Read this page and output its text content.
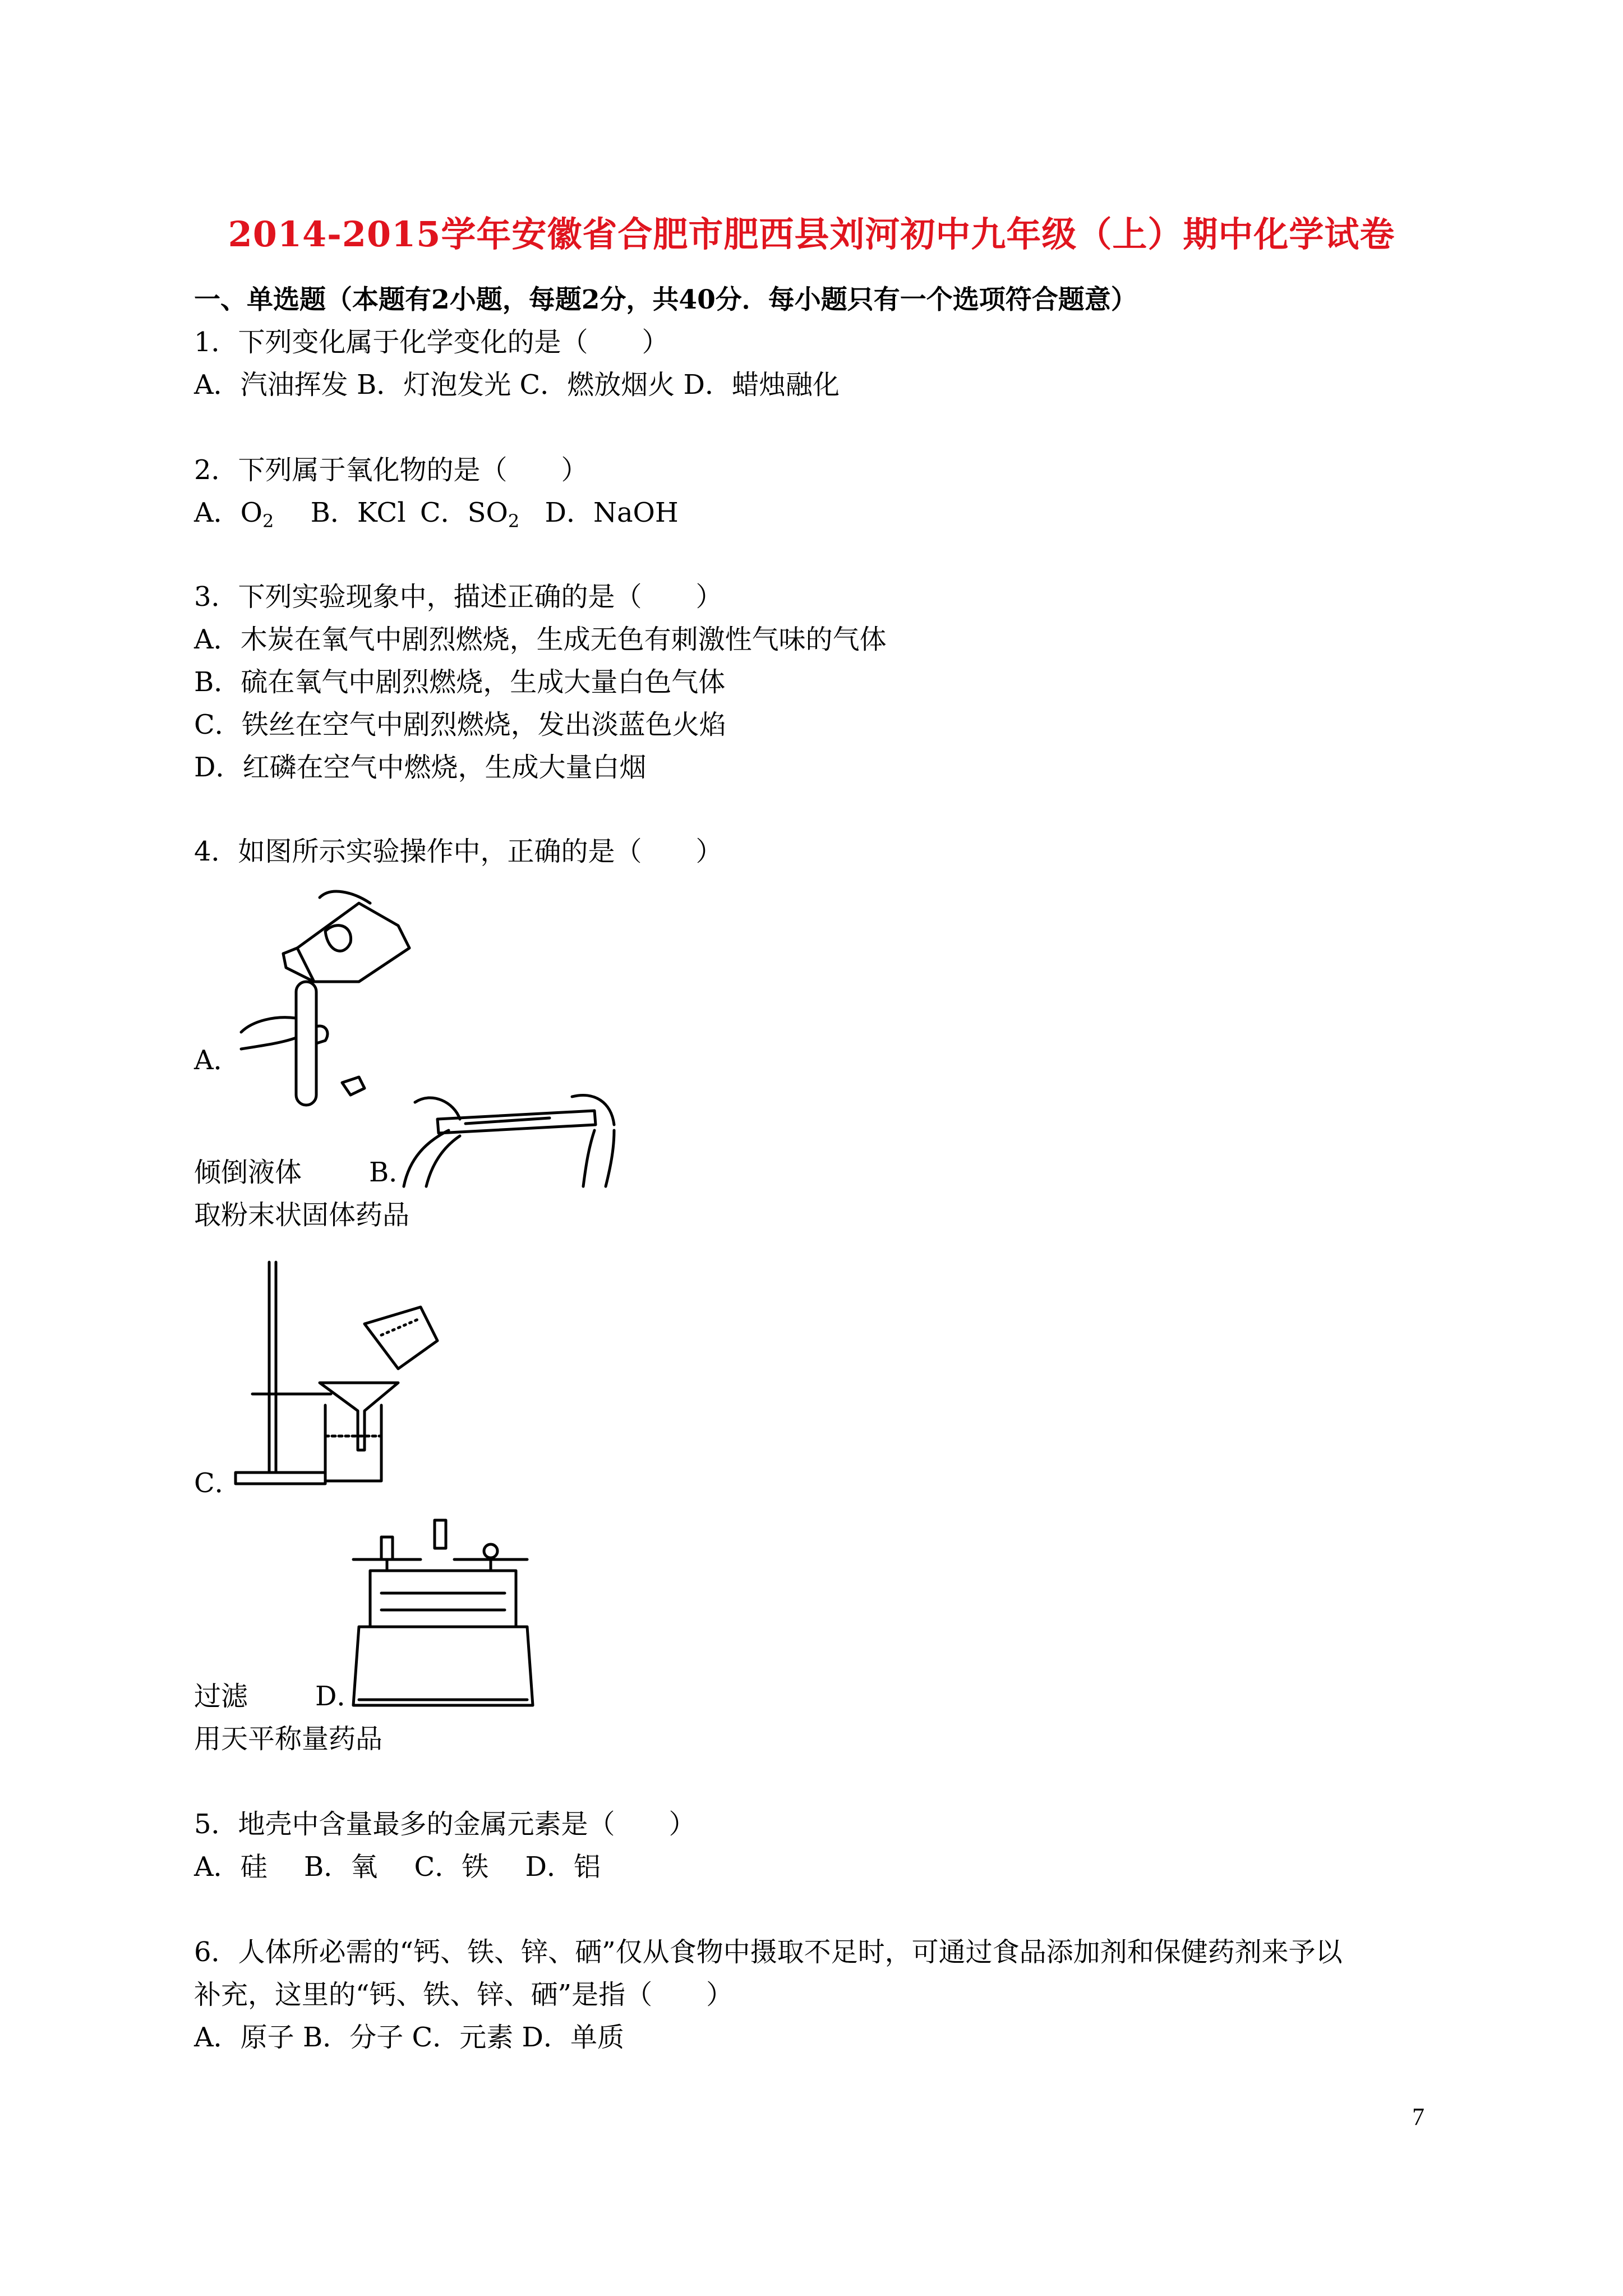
2014-2015学年安徽省合肥市肥西县刘河初中九年级（上）期中化学试卷
一、单选题（本题有2小题，每题2分，共40分．每小题只有一个选项符合题意）
1．下列变化属于化学变化的是（　　）
A．汽油挥发 B．灯泡发光 C．燃放烟火 D．蜡烛融化
2．下列属于氧化物的是（　　）
A．$O_2$ B．KCl C．$SO_2$ D．NaOH
3．下列实验现象中，描述正确的是（　　）
A．木炭在氧气中剧烈燃烧，生成无色有刺激性气味的气体
B．硫在氧气中剧烈燃烧，生成大量白色气体
C．铁丝在空气中剧烈燃烧，发出淡蓝色火焰
D．红磷在空气中燃烧，生成大量白烟
4．如图所示实验操作中，正确的是（　　）
A．
倾倒液体	B．
取粉末状固体药品
C．
过滤	D．
用天平称量药品
5．地壳中含量最多的金属元素是（　　）
A．硅 B．氧 C．铁 D．铝
6．人体所必需的“钙、铁、锌、硒”仅从食物中摄取不足时，可通过食品添加剂和保健药剂来予以
补充，这里的“钙、铁、锌、硒”是指（　　）
A．原子 B．分子 C．元素 D．单质
7
